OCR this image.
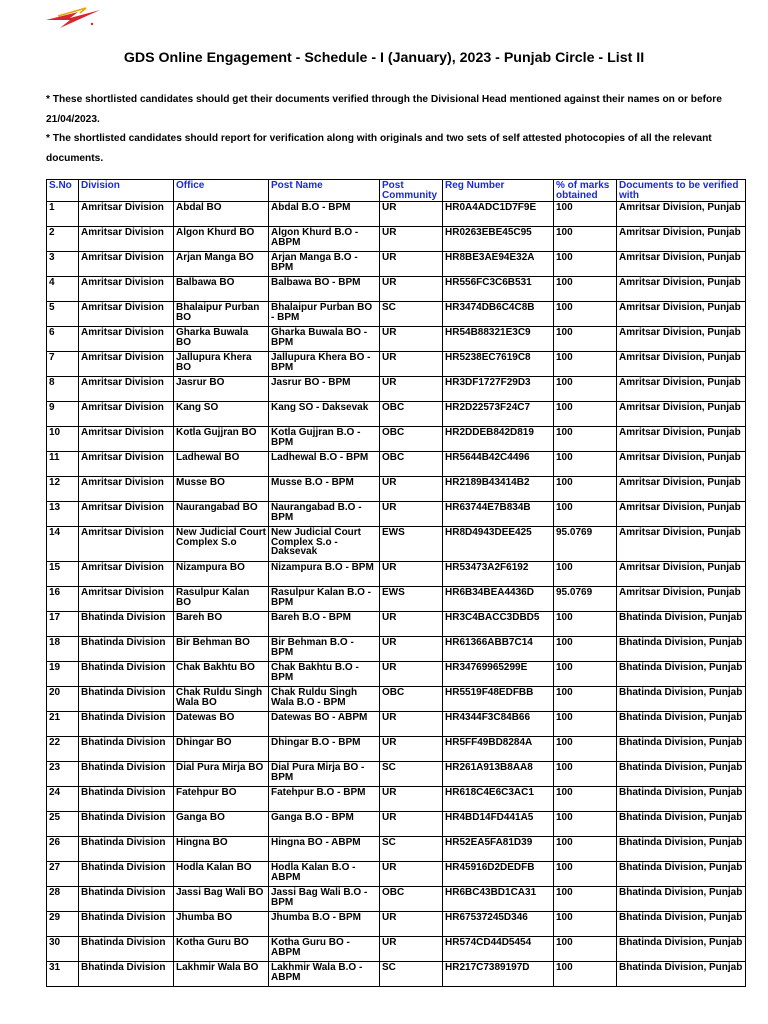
GDS Online Engagement - Schedule - I (January), 2023 - Punjab Circle - List II

* These shortlisted candidates should get their documents verified through the Divisional Head mentioned against their names on or before 21/04/2023.

* The shortlisted candidates should report for verification along with originals and two sets of self attested photocopies of all the relevant documents.

S.No	Division	Office	Post Name	Post Community	Reg Number	% of marks obtained	Documents to be verified with
1	Amritsar Division	Abdal BO	Abdal B.O - BPM	UR	HR0A4ADC1D7F9E	100	Amritsar Division, Punjab
2	Amritsar Division	Algon Khurd BO	Algon Khurd B.O - ABPM	UR	HR0263EBE45C95	100	Amritsar Division, Punjab
3	Amritsar Division	Arjan Manga BO	Arjan Manga B.O - BPM	UR	HR8BE3AE94E32A	100	Amritsar Division, Punjab
4	Amritsar Division	Balbawa BO	Balbawa BO - BPM	UR	HR556FC3C6B531	100	Amritsar Division, Punjab
5	Amritsar Division	Bhalaipur Purban BO	Bhalaipur Purban BO - BPM	SC	HR3474DB6C4C8B	100	Amritsar Division, Punjab
6	Amritsar Division	Gharka Buwala BO	Gharka Buwala BO - BPM	UR	HR54B88321E3C9	100	Amritsar Division, Punjab
7	Amritsar Division	Jallupura Khera BO	Jallupura Khera BO - BPM	UR	HR5238EC7619C8	100	Amritsar Division, Punjab
8	Amritsar Division	Jasrur BO	Jasrur BO - BPM	UR	HR3DF1727F29D3	100	Amritsar Division, Punjab
9	Amritsar Division	Kang SO	Kang SO - Daksevak	OBC	HR2D22573F24C7	100	Amritsar Division, Punjab
10	Amritsar Division	Kotla Gujjran BO	Kotla Gujjran B.O - BPM	OBC	HR2DDEB842D819	100	Amritsar Division, Punjab
11	Amritsar Division	Ladhewal BO	Ladhewal B.O - BPM	OBC	HR5644B42C4496	100	Amritsar Division, Punjab
12	Amritsar Division	Musse BO	Musse B.O - BPM	UR	HR2189B43414B2	100	Amritsar Division, Punjab
13	Amritsar Division	Naurangabad BO	Naurangabad B.O - BPM	UR	HR63744E7B834B	100	Amritsar Division, Punjab
14	Amritsar Division	New Judicial Court Complex S.o	New Judicial Court Complex S.o - Daksevak	EWS	HR8D4943DEE425	95.0769	Amritsar Division, Punjab
15	Amritsar Division	Nizampura BO	Nizampura B.O - BPM	UR	HR53473A2F6192	100	Amritsar Division, Punjab
16	Amritsar Division	Rasulpur Kalan BO	Rasulpur Kalan B.O - BPM	EWS	HR6B34BEA4436D	95.0769	Amritsar Division, Punjab
17	Bhatinda Division	Bareh BO	Bareh B.O - BPM	UR	HR3C4BACC3DBD5	100	Bhatinda Division, Punjab
18	Bhatinda Division	Bir Behman BO	Bir Behman B.O - BPM	UR	HR61366ABB7C14	100	Bhatinda Division, Punjab
19	Bhatinda Division	Chak Bakhtu BO	Chak Bakhtu B.O - BPM	UR	HR34769965299E	100	Bhatinda Division, Punjab
20	Bhatinda Division	Chak Ruldu Singh Wala BO	Chak Ruldu Singh Wala B.O - BPM	OBC	HR5519F48EDFBB	100	Bhatinda Division, Punjab
21	Bhatinda Division	Datewas BO	Datewas BO - ABPM	UR	HR4344F3C84B66	100	Bhatinda Division, Punjab
22	Bhatinda Division	Dhingar BO	Dhingar B.O - BPM	UR	HR5FF49BD8284A	100	Bhatinda Division, Punjab
23	Bhatinda Division	Dial Pura Mirja BO	Dial Pura Mirja BO - BPM	SC	HR261A913B8AA8	100	Bhatinda Division, Punjab
24	Bhatinda Division	Fatehpur BO	Fatehpur B.O - BPM	UR	HR618C4E6C3AC1	100	Bhatinda Division, Punjab
25	Bhatinda Division	Ganga BO	Ganga B.O - BPM	UR	HR4BD14FD441A5	100	Bhatinda Division, Punjab
26	Bhatinda Division	Hingna BO	Hingna BO - ABPM	SC	HR52EA5FA81D39	100	Bhatinda Division, Punjab
27	Bhatinda Division	Hodla Kalan BO	Hodla Kalan B.O - ABPM	UR	HR45916D2DEDFB	100	Bhatinda Division, Punjab
28	Bhatinda Division	Jassi Bag Wali BO	Jassi Bag Wali B.O - BPM	OBC	HR6BC43BD1CA31	100	Bhatinda Division, Punjab
29	Bhatinda Division	Jhumba BO	Jhumba B.O - BPM	UR	HR67537245D346	100	Bhatinda Division, Punjab
30	Bhatinda Division	Kotha Guru BO	Kotha Guru BO - ABPM	UR	HR574CD44D5454	100	Bhatinda Division, Punjab
31	Bhatinda Division	Lakhmir Wala BO	Lakhmir Wala B.O - ABPM	SC	HR217C7389197D	100	Bhatinda Division, Punjab
